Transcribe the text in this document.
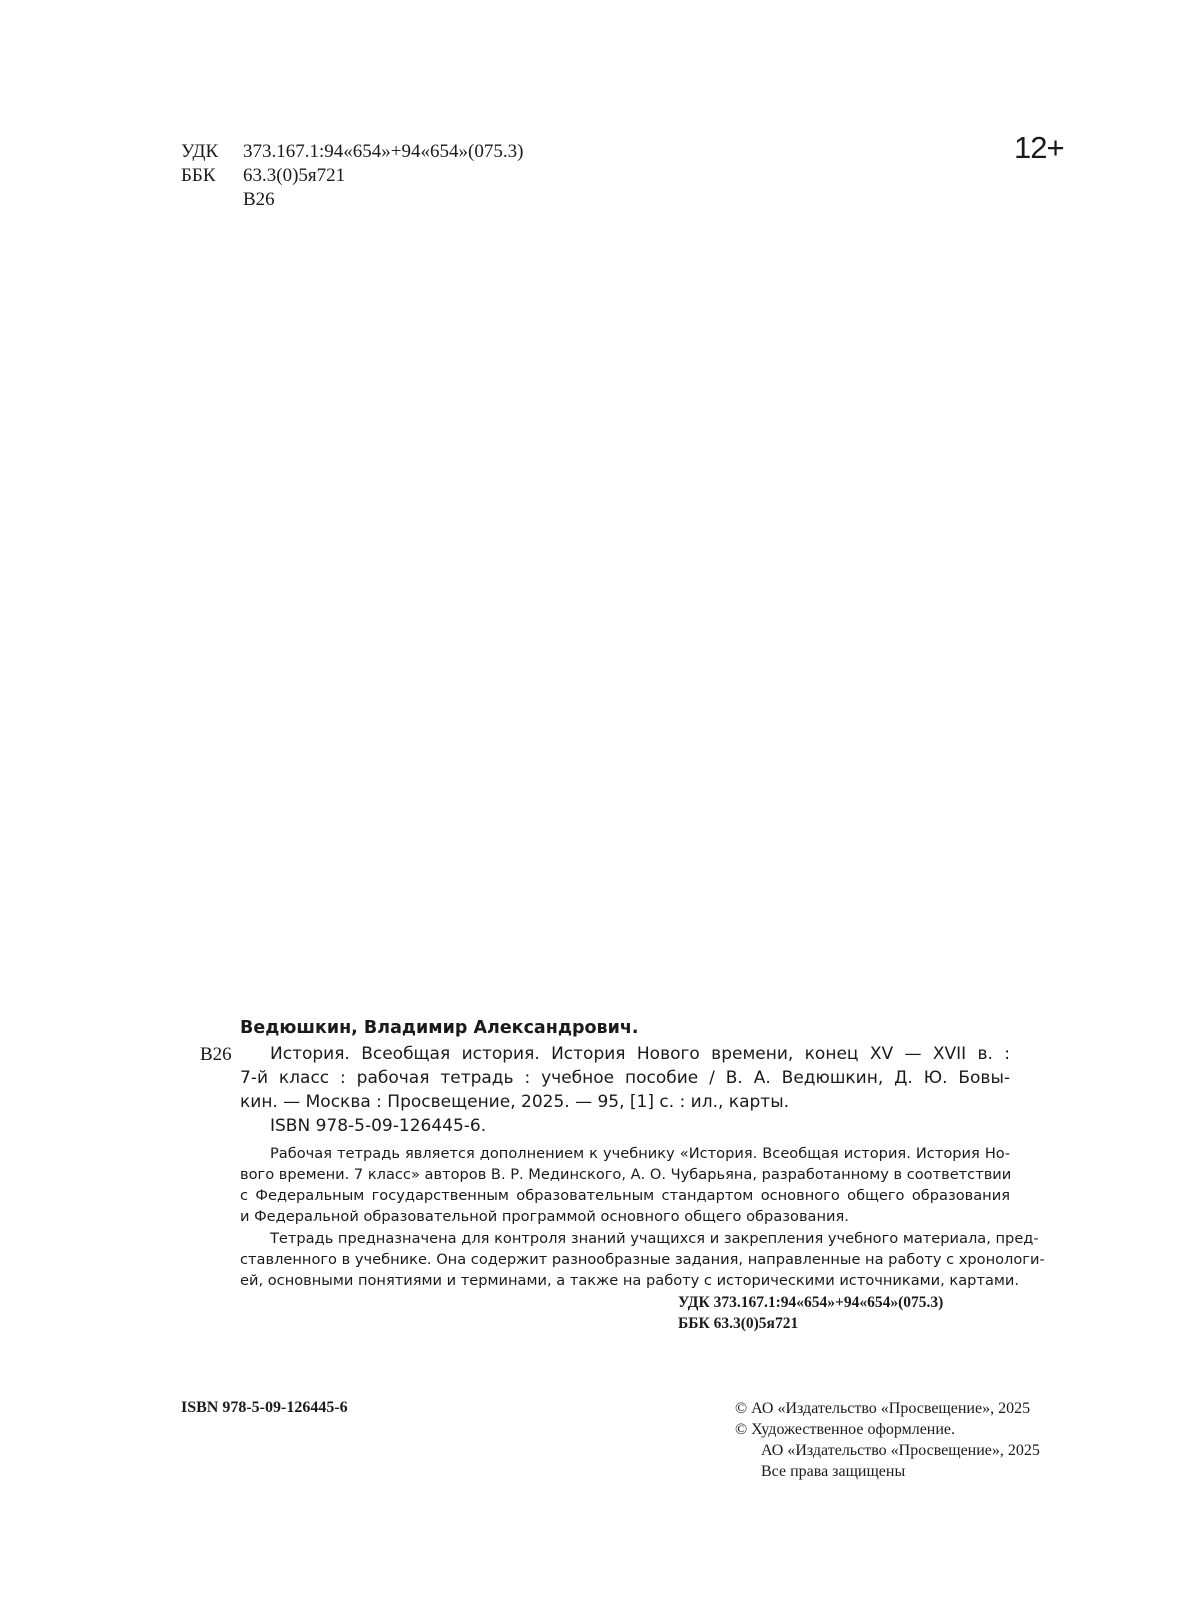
УДК 373.167.1:94«654»+94«654»(075.3)
ББК 63.3(0)5я721
В26
12+
Ведюшкин, Владимир Александрович.
В26 История. Всеобщая история. История Нового времени, конец XV — XVII в. :
7-й класс : рабочая тетрадь : учебное пособие / В. А. Ведюшкин, Д. Ю. Бовы-
кин. — Москва : Просвещение, 2025. — 95, [1] с. : ил., карты.
ISBN 978-5-09-126445-6.
Рабочая тетрадь является дополнением к учебнику «История. Всеобщая история. История Но-
вого времени. 7 класс» авторов В. Р. Мединского, А. О. Чубарьяна, разработанному в соответствии
с Федеральным государственным образовательным стандартом основного общего образования
и Федеральной образовательной программой основного общего образования.
Тетрадь предназначена для контроля знаний учащихся и закрепления учебного материала, пред-
ставленного в учебнике. Она содержит разнообразные задания, направленные на работу с хронологи-
ей, основными понятиями и терминами, а также на работу с историческими источниками, картами.
УДК 373.167.1:94«654»+94«654»(075.3)
ББК 63.3(0)5я721
ISBN 978-5-09-126445-6	© АО «Издательство «Просвещение», 2025
© Художественное оформление.
АО «Издательство «Просвещение», 2025
Все права защищены
